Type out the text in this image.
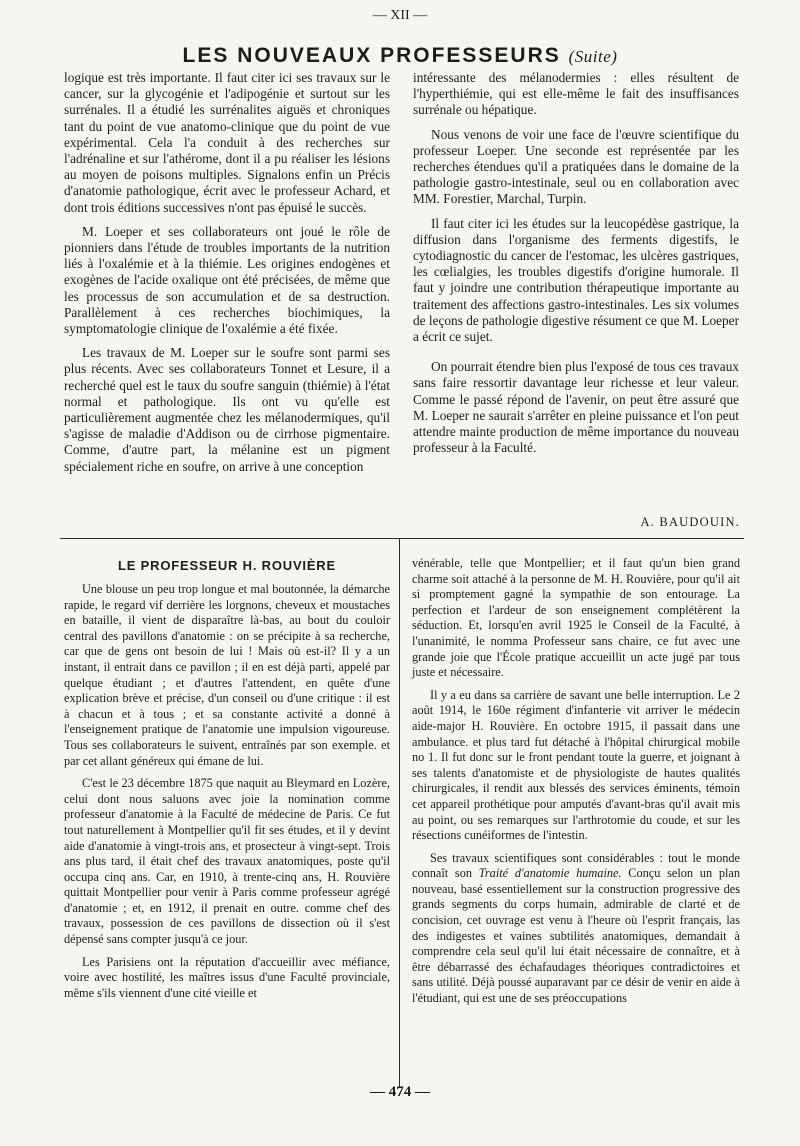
— XII —
LES NOUVEAUX PROFESSEURS (Suite)

logique est très importante. Il faut citer ici ses travaux sur le cancer, sur la glycogénie et l'adipogénie et surtout sur les surrénales. Il a étudié les surrénalites aiguës et chroniques tant du point de vue anatomo-clinique que du point de vue expérimental. Cela l'a conduit à des recherches sur l'adrénaline et sur l'athérome, dont il a pu réaliser les lésions au moyen de poisons multiples. Signalons enfin un Précis d'anatomie pathologique, écrit avec le professeur Achard, et dont trois éditions successives n'ont pas épuisé le succès.

M. Loeper et ses collaborateurs ont joué le rôle de pionniers dans l'étude de troubles importants de la nutrition liés à l'oxalémie et à la thiémie. Les origines endogènes et exogènes de l'acide oxalique ont été précisées, de même que les processus de son accumulation et de sa destruction. Parallèlement à ces recherches biochimiques, la symptomatologie clinique de l'oxalémie a été fixée.

Les travaux de M. Loeper sur le soufre sont parmi ses plus récents. Avec ses collaborateurs Tonnet et Lesure, il a recherché quel est le taux du soufre sanguin (thiémie) à l'état normal et pathologique. Ils ont vu qu'elle est particulièrement augmentée chez les mélanodermiques, qu'il s'agisse de maladie d'Addison ou de cirrhose pigmentaire. Comme, d'autre part, la mélanine est un pigment spécialement riche en soufre, on arrive à une conception

intéressante des mélanodermies : elles résultent de l'hyperthiémie, qui est elle-même le fait des insuffisances surrénale ou hépatique.

Nous venons de voir une face de l'œuvre scientifique du professeur Loeper. Une seconde est représentée par les recherches étendues qu'il a pratiquées dans le domaine de la pathologie gastro-intestinale, seul ou en collaboration avec MM. Forestier, Marchal, Turpin.

Il faut citer ici les études sur la leucopédèse gastrique, la diffusion dans l'organisme des ferments digestifs, le cytodiagnostic du cancer de l'estomac, les ulcères gastriques, les cœlialgies, les troubles digestifs d'origine humorale. Il faut y joindre une contribution thérapeutique importante au traitement des affections gastro-intestinales. Les six volumes de leçons de pathologie digestive résument ce que M. Loeper a écrit ce sujet.

On pourrait étendre bien plus l'exposé de tous ces travaux sans faire ressortir davantage leur richesse et leur valeur. Comme le passé répond de l'avenir, on peut être assuré que M. Loeper ne saurait s'arrêter en pleine puissance et l'on peut attendre mainte production de même importance du nouveau professeur à la Faculté.

A. BAUDOUIN.
LE PROFESSEUR H. ROUVIÈRE

Une blouse un peu trop longue et mal boutonnée, la démarche rapide, le regard vif derrière les lorgnons, cheveux et moustaches en bataille, il vient de disparaître là-bas, au bout du couloir central des pavillons d'anatomie : on se précipite à sa recherche, car que de gens ont besoin de lui ! Mais où est-il? Il y a un instant, il entrait dans ce pavillon ; il en est déjà parti, appelé par quelque étudiant ; et d'autres l'attendent, en quête d'une explication brève et précise, d'un conseil ou d'une critique : il est à chacun et à tous ; et sa constante activité a donné à l'enseignement pratique de l'anatomie une impulsion vigoureuse. Tous ses collaborateurs le suivent, entraînés par son exemple. et par cet allant généreux qui émane de lui.

C'est le 23 décembre 1875 que naquit au Bleymard en Lozère, celui dont nous saluons avec joie la nomination comme professeur d'anatomie à la Faculté de médecine de Paris. Ce fut tout naturellement à Montpellier qu'il fit ses études, et il y devint aide d'anatomie à vingt-trois ans, et prosecteur à vingt-sept. Trois ans plus tard, il était chef des travaux anatomiques, poste qu'il occupa cinq ans. Car, en 1910, à trente-cinq ans, H. Rouvière quittait Montpellier pour venir à Paris comme professeur agrégé d'anatomie ; et, en 1912, il prenait en outre. comme chef des travaux, possession de ces pavillons de dissection où il s'est dépensé sans compter jusqu'à ce jour.

Les Parisiens ont la réputation d'accueillir avec méfiance, voire avec hostilité, les maîtres issus d'une Faculté provinciale, même s'ils viennent d'une cité vieille et

vénérable, telle que Montpellier; et il faut qu'un bien grand charme soit attaché à la personne de M. H. Rouvière, pour qu'il ait si promptement gagné la sympathie de son entourage. La perfection et l'ardeur de son enseignement complétèrent la séduction. Et, lorsqu'en avril 1925 le Conseil de la Faculté, à l'unanimité, le nomma Professeur sans chaire, ce fut avec une grande joie que l'École pratique accueillit un acte jugé par tous juste et nécessaire.

Il y a eu dans sa carrière de savant une belle interruption. Le 2 août 1914, le 160e régiment d'infanterie vit arriver le médecin aide-major H. Rouvière. En octobre 1915, il passait dans une ambulance. et plus tard fut détaché à l'hôpital chirurgical mobile no 1. Il fut donc sur le front pendant toute la guerre, et joignant à ses talents d'anatomiste et de physiologiste de hautes qualités chirurgicales, il rendit aux blessés des services éminents, témoin cet appareil prothétique pour amputés d'avant-bras qu'il avait mis au point, ou ses remarques sur l'arthrotomie du coude, et sur les résections cunéiformes de l'intestin.

Ses travaux scientifiques sont considérables : tout le monde connaît son Traité d'anatomie humaine. Conçu selon un plan nouveau, basé essentiellement sur la construction progressive des grands segments du corps humain, admirable de clarté et de concision, cet ouvrage est venu à l'heure où l'esprit français, las des indigestes et vaines subtilités anatomiques, demandait à comprendre cela seul qu'il lui était nécessaire de connaître, et à être débarrassé des échafaudages théoriques contradictoires et sans utilité. Déjà poussé auparavant par ce désir de venir en aide à l'étudiant, qui est une de ses préoccupations

— 474 —
